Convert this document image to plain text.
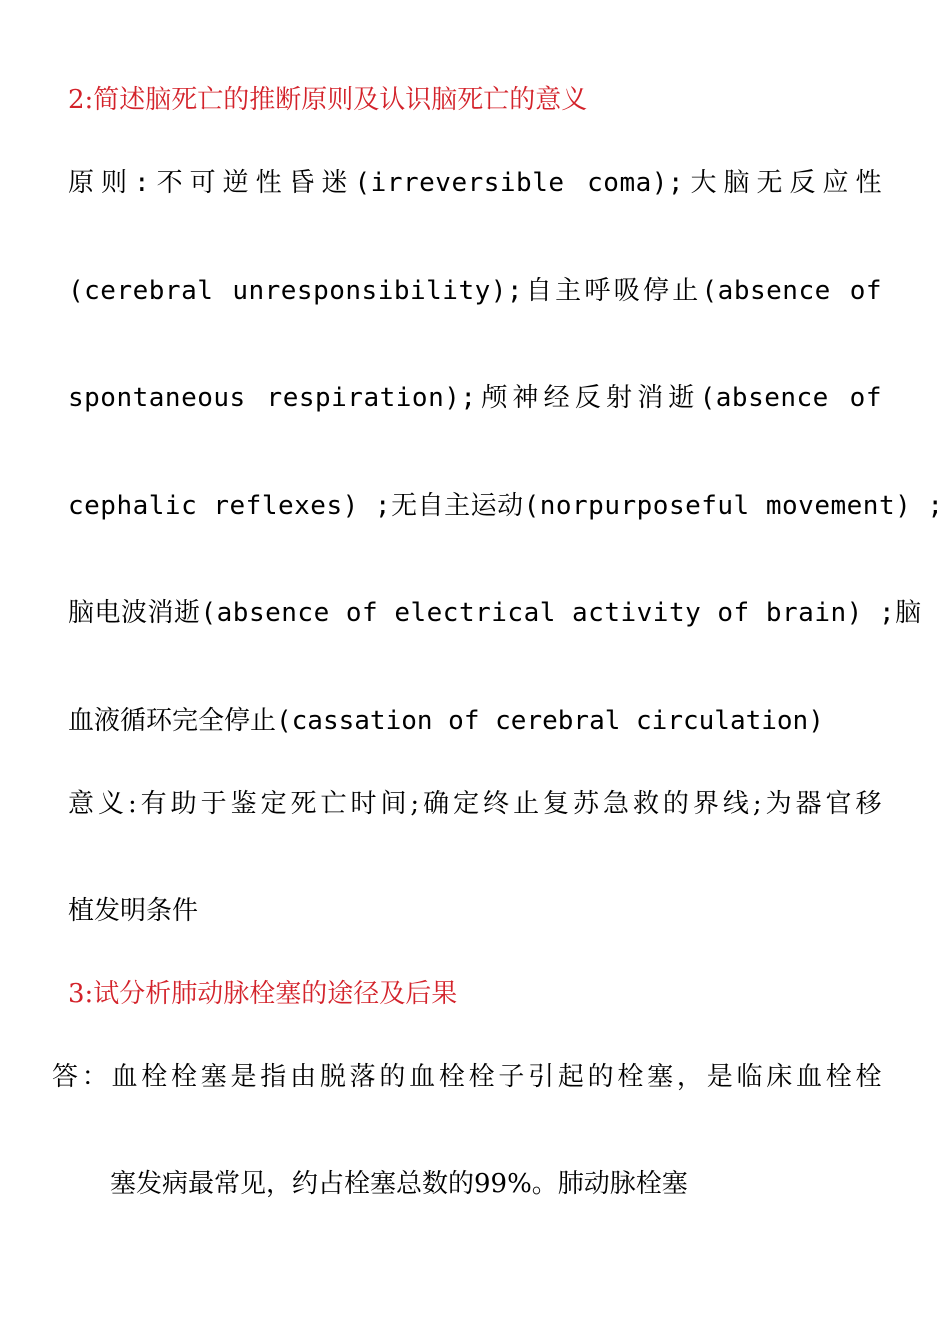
2:简述脑死亡的推断原则及认识脑死亡的意义

原则:不可逆性昏迷(irreversible coma);大脑无反应性

(cerebral unresponsibility);自主呼吸停止(absence of

spontaneous respiration);颅神经反射消逝(absence of

cephalic reflexes) ;无自主运动(norpurposeful movement) ;

脑电波消逝(absence of electrical activity of brain) ;脑

血液循环完全停止(cassation of cerebral circulation)

意义:有助于鉴定死亡时间;确定终止复苏急救的界线;为器官移

植发明条件

3:试分析肺动脉栓塞的途径及后果

答：血栓栓塞是指由脱落的血栓栓子引起的栓塞，是临床血栓栓

塞发病最常见，约占栓塞总数的99%。肺动脉栓塞
